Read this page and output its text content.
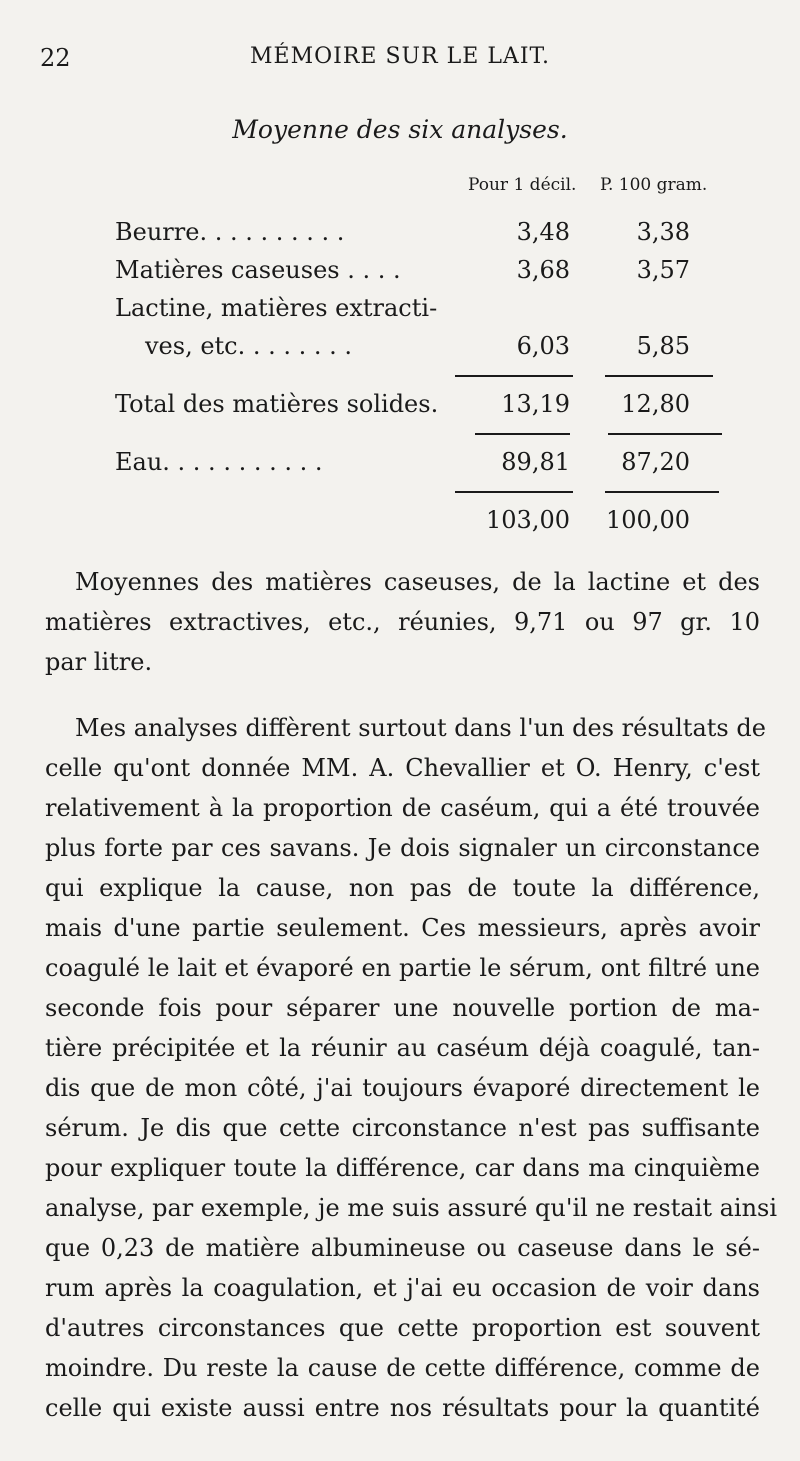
22	MÉMOIRE SUR LE LAIT.
Moyenne des six analyses.
Pour 1 décil. P. 100 gram.
Beurre. . . . . . . . . .	3,48	3,38
Matières caseuses . . . .	3,68	3,57
Lactine, matières extracti-
ves, etc. . . . . . . .	6,03	5,85
Total des matières solides.	13,19	12,80
Eau. . . . . . . . . . .	89,81	87,20
103,00 100,00
Moyennes des matières caseuses, de la lactine et des
matières extractives, etc., réunies, 9,71 ou 97 gr. 10
par litre.
Mes analyses diffèrent surtout dans l'un des résultats de
celle qu'ont donnée MM. A. Chevallier et O. Henry, c'est
relativement à la proportion de caséum, qui a été trouvée
plus forte par ces savans. Je dois signaler un circonstance
qui explique la cause, non pas de toute la différence,
mais d'une partie seulement. Ces messieurs, après avoir
coagulé le lait et évaporé en partie le sérum, ont filtré une
seconde fois pour séparer une nouvelle portion de ma-
tière précipitée et la réunir au caséum déjà coagulé, tan-
dis que de mon côté, j'ai toujours évaporé directement le
sérum. Je dis que cette circonstance n'est pas suffisante
pour expliquer toute la différence, car dans ma cinquième
analyse, par exemple, je me suis assuré qu'il ne restait ainsi
que 0,23 de matière albumineuse ou caseuse dans le sé-
rum après la coagulation, et j'ai eu occasion de voir dans
d'autres circonstances que cette proportion est souvent
moindre. Du reste la cause de cette différence, comme de
celle qui existe aussi entre nos résultats pour la quantité
